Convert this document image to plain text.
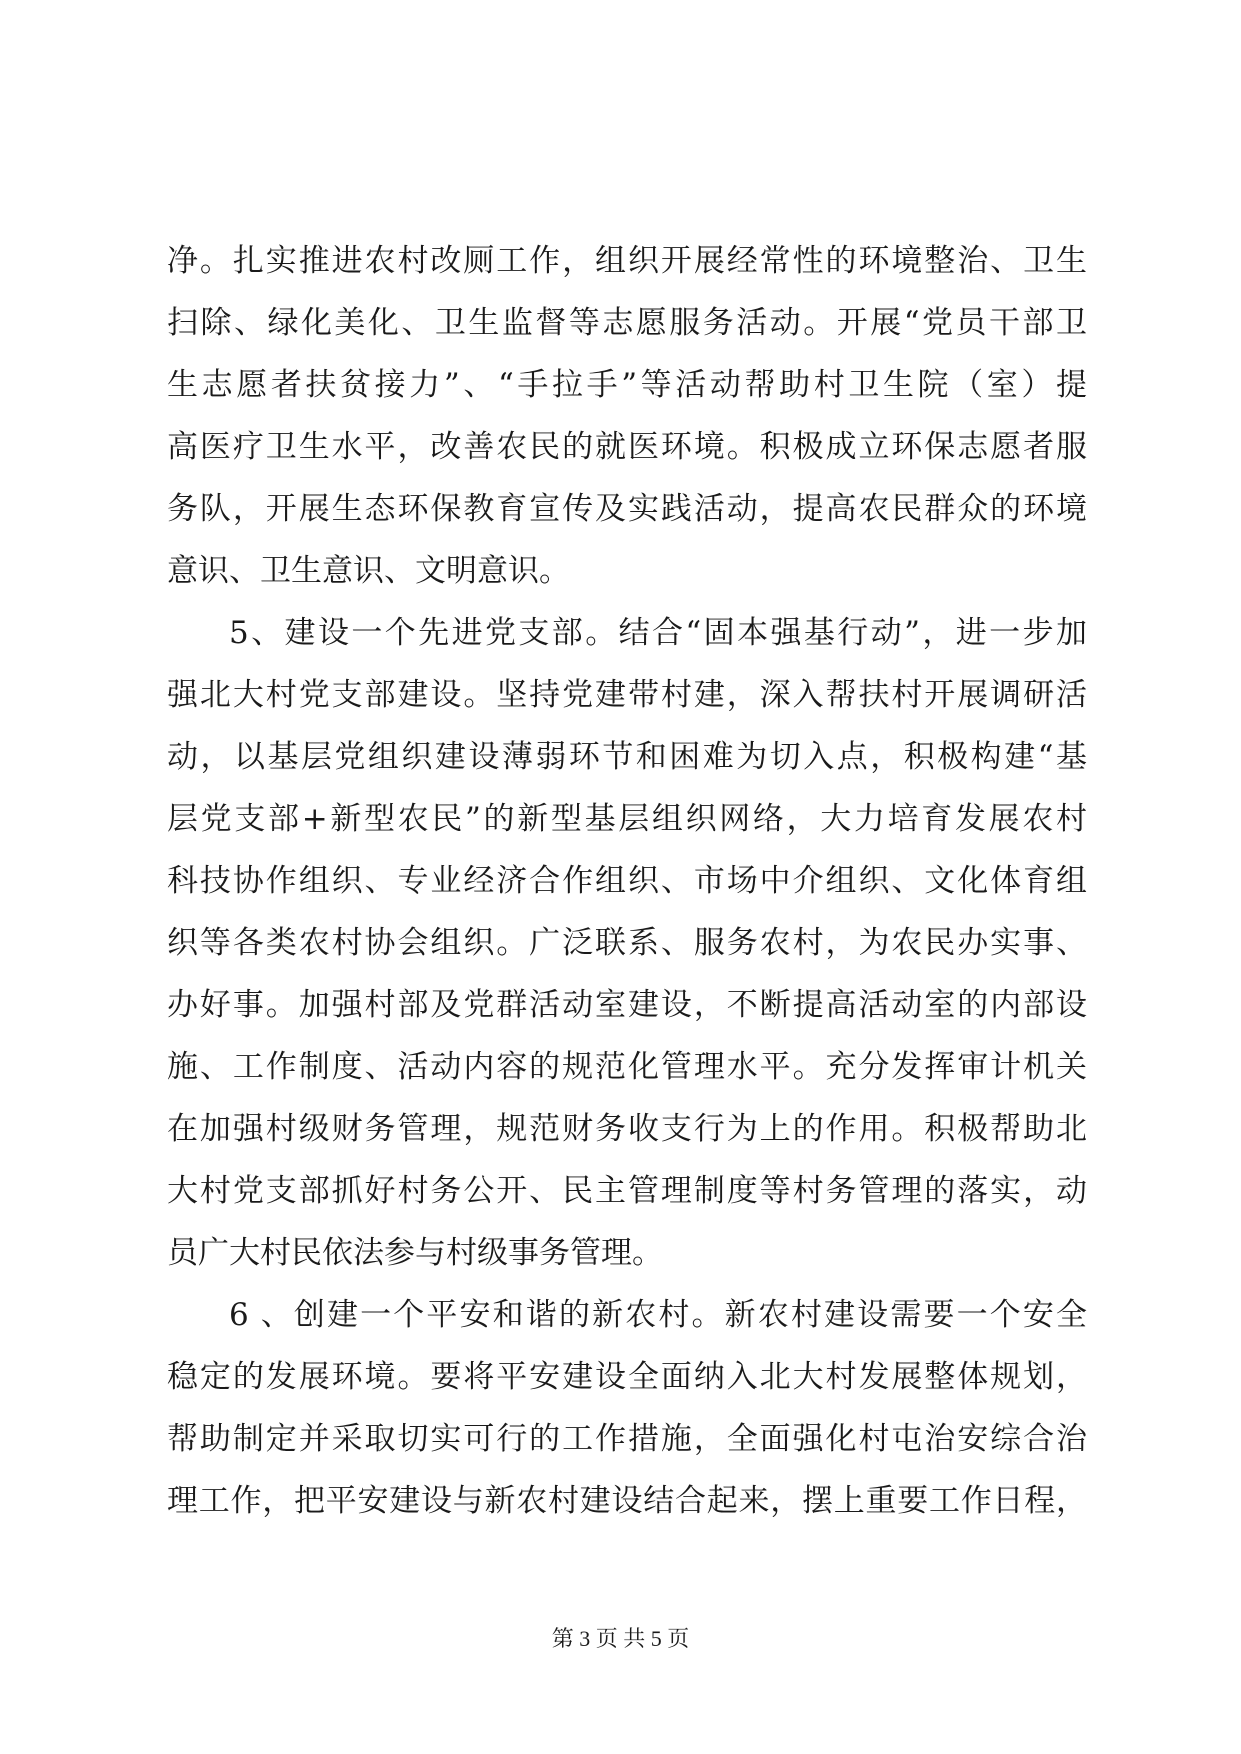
净。扎实推进农村改厕工作，组织开展经常性的环境整治、卫生
扫除、绿化美化、卫生监督等志愿服务活动。开展“党员干部卫
生志愿者扶贫接力”、“手拉手”等活动帮助村卫生院（室）提
高医疗卫生水平，改善农民的就医环境。积极成立环保志愿者服
务队，开展生态环保教育宣传及实践活动，提高农民群众的环境
意识、卫生意识、文明意识。
5、建设一个先进党支部。结合“固本强基行动”，进一步加
强北大村党支部建设。坚持党建带村建，深入帮扶村开展调研活
动，以基层党组织建设薄弱环节和困难为切入点，积极构建“基
层党支部+新型农民”的新型基层组织网络，大力培育发展农村
科技协作组织、专业经济合作组织、市场中介组织、文化体育组
织等各类农村协会组织。广泛联系、服务农村，为农民办实事、
办好事。加强村部及党群活动室建设，不断提高活动室的内部设
施、工作制度、活动内容的规范化管理水平。充分发挥审计机关
在加强村级财务管理，规范财务收支行为上的作用。积极帮助北
大村党支部抓好村务公开、民主管理制度等村务管理的落实，动
员广大村民依法参与村级事务管理。
6 、创建一个平安和谐的新农村。新农村建设需要一个安全
稳定的发展环境。要将平安建设全面纳入北大村发展整体规划，
帮助制定并采取切实可行的工作措施，全面强化村屯治安综合治
理工作，把平安建设与新农村建设结合起来，摆上重要工作日程，
第 3 页 共 5 页
